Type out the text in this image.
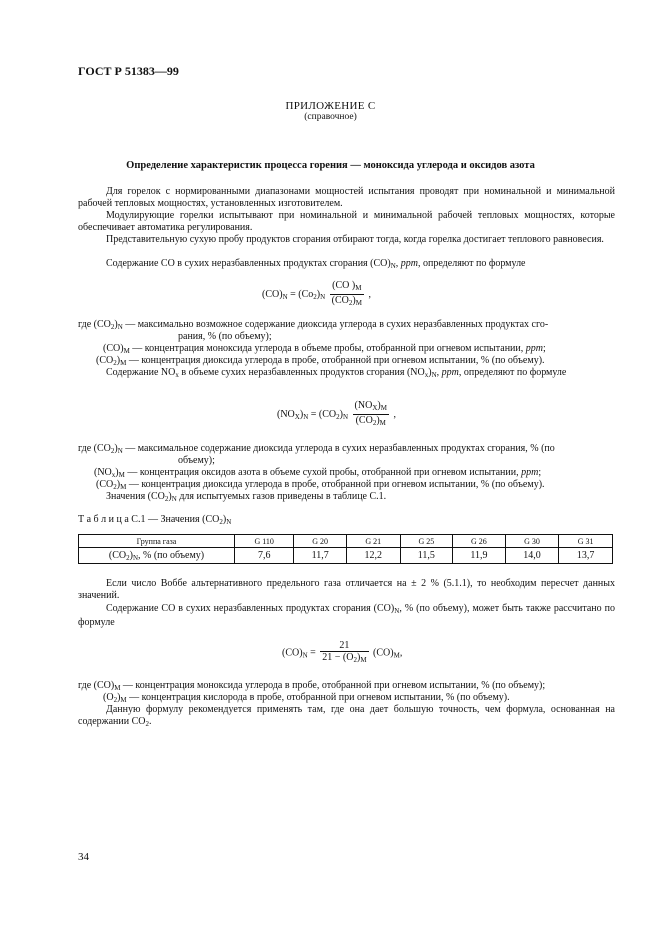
ГОСТ Р 51383—99
ПРИЛОЖЕНИЕ С
(справочное)
Определение характеристик процесса горения — моноксида углерода и оксидов азота
Для горелок с нормированными диапазонами мощностей испытания проводят при номинальной и минимальной рабочей тепловых мощностях, установленных изготовителем.
Модулирующие горелки испытывают при номинальной и минимальной рабочей тепловых мощностях, которые обеспечивает автоматика регулирования.
Представительную сухую пробу продуктов сгорания отбирают тогда, когда горелка достигает теплового равновесия.
Содержание CO в сухих неразбавленных продуктах сгорания $(CO)_N$, ppm, определяют по формуле
$(CO)_N = (Co_2)_N \frac{(CO )_M}{(CO_2)_M}$ ,
где $(CO_2)_N$ — максимально возможное содержание диоксида углерода в сухих неразбавленных продуктах сго-
рания, % (по объему);
$(CO)_M$ — концентрация моноксида углерода в объеме пробы, отобранной при огневом испытании, ppm;
$(CO_2)_M$ — концентрация диоксида углерода в пробе, отобранной при огневом испытании, % (по объему).
Содержание $NO_x$ в объеме сухих неразбавленных продуктов сгорания $(NO_x)_N$, ppm, определяют по формуле
$(NO_X)_N = (CO_2)_N \frac{(NO_X)_M}{(CO_2)_M}$ ,
где $(CO_2)_N$ — максимальное содержание диоксида углерода в сухих неразбавленных продуктах сгорания, % (по
объему);
$(NO_x)_M$ — концентрация оксидов азота в объеме сухой пробы, отобранной при огневом испытании, ppm;
$(CO_2)_M$ — концентрация диоксида углерода в пробе, отобранной при огневом испытании, % (по объему).
Значения $(CO_2)_N$ для испытуемых газов приведены в таблице С.1.
Т а б л и ц а С.1 — Значения $(CO_2)_N$
Группа газа	G 110	G 20	G 21	G 25	G 26	G 30	G 31
$(CO_2)_N$, % (по объему)	7,6	11,7	12,2	11,5	11,9	14,0	13,7
Если число Воббе альтернативного предельного газа отличается на ± 2 % (5.1.1), то необходим пересчет данных значений.
Содержание CO в сухих неразбавленных продуктах сгорания $(CO)_N$, % (по объему), может быть также рассчитано по формуле
$(CO)_N = \frac{21}{21 - (O_2)_M} (CO)_M$,
где $(CO)_M$ — концентрация моноксида углерода в пробе, отобранной при огневом испытании, % (по объему);
$(O_2)_M$ — концентрация кислорода в пробе, отобранной при огневом испытании, % (по объему).
Данную формулу рекомендуется применять там, где она дает большую точность, чем формула, основанная на содержании $CO_2$.
34
